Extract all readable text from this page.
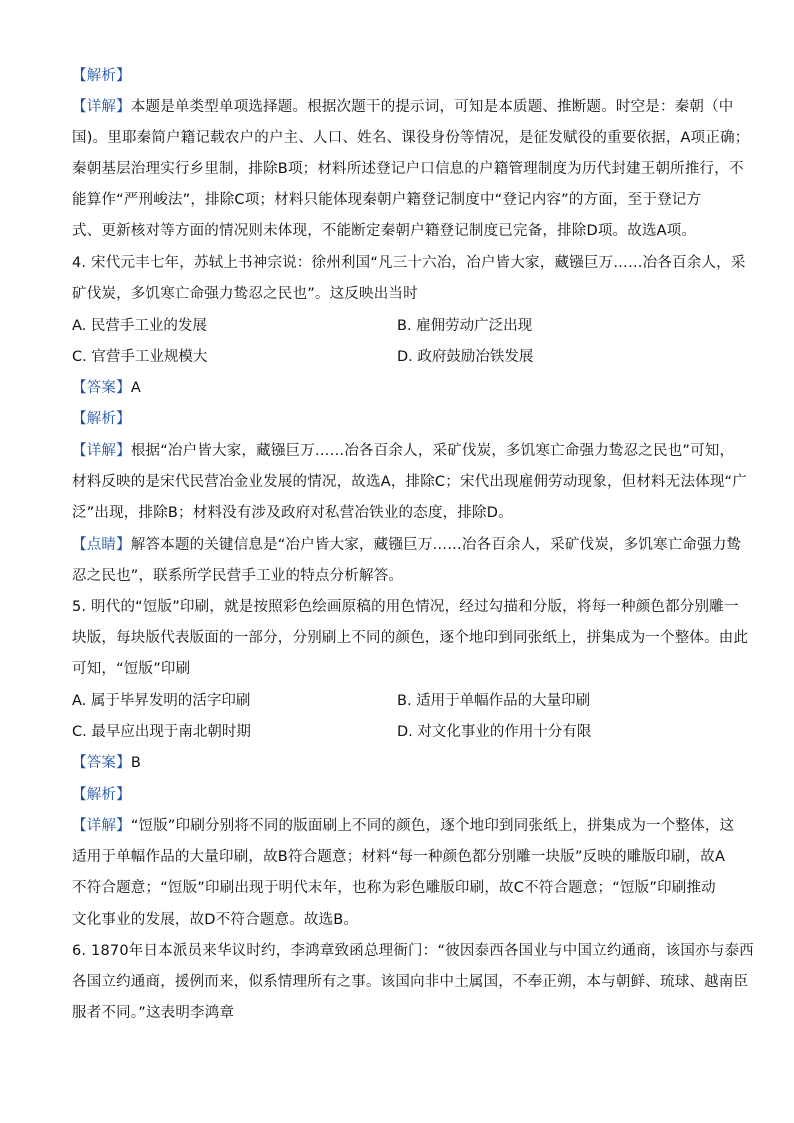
【解析】
【详解】本题是单类型单项选择题。根据次题干的提示词，可知是本质题、推断题。时空是：秦朝（中
国)。里耶秦简户籍记载农户的户主、人口、姓名、课役身份等情况，是征发赋役的重要依据，A项正确；
秦朝基层治理实行乡里制，排除B项；材料所述登记户口信息的户籍管理制度为历代封建王朝所推行，不
能算作“严刑峻法”，排除C项；材料只能体现秦朝户籍登记制度中“登记内容”的方面，至于登记方
式、更新核对等方面的情况则未体现，不能断定秦朝户籍登记制度已完备，排除D项。故选A项。
4. 宋代元丰七年，苏轼上书神宗说：徐州利国“凡三十六冶，冶户皆大家，藏镪巨万……冶各百余人，采
矿伐炭，多饥寒亡命强力鸷忍之民也”。这反映出当时
A. 民营手工业的发展	B. 雇佣劳动广泛出现
C. 官营手工业规模大	D. 政府鼓励冶铁发展
【答案】A
【解析】
【详解】根据“冶户皆大家，藏镪巨万……冶各百余人，采矿伐炭，多饥寒亡命强力鸷忍之民也”可知，
材料反映的是宋代民营冶金业发展的情况，故选A，排除C；宋代出现雇佣劳动现象，但材料无法体现“广
泛”出现，排除B；材料没有涉及政府对私营冶铁业的态度，排除D。
【点睛】解答本题的关键信息是“冶户皆大家，藏镪巨万……冶各百余人，采矿伐炭，多饥寒亡命强力鸷
忍之民也”，联系所学民营手工业的特点分析解答。
5. 明代的“饾版”印刷，就是按照彩色绘画原稿的用色情况，经过勾描和分版，将每一种颜色都分别雕一
块版，每块版代表版面的一部分，分别刷上不同的颜色，逐个地印到同张纸上，拼集成为一个整体。由此
可知，“饾版”印刷
A. 属于毕昇发明的活字印刷	B. 适用于单幅作品的大量印刷
C. 最早应出现于南北朝时期	D. 对文化事业的作用十分有限
【答案】B
【解析】
【详解】“饾版”印刷分别将不同的版面刷上不同的颜色，逐个地印到同张纸上，拼集成为一个整体，这
适用于单幅作品的大量印刷，故B符合题意；材料“每一种颜色都分别雕一块版”反映的雕版印刷，故A
不符合题意；“饾版”印刷出现于明代末年，也称为彩色雕版印刷，故C不符合题意；“饾版”印刷推动
文化事业的发展，故D不符合题意。故选B。
6. 1870年日本派员来华议时约，李鸿章致函总理衙门：“彼因泰西各国业与中国立约通商，该国亦与泰西
各国立约通商，援例而来，似系情理所有之事。该国向非中土属国，不奉正朔，本与朝鲜、琉球、越南臣
服者不同。”这表明李鸿章
